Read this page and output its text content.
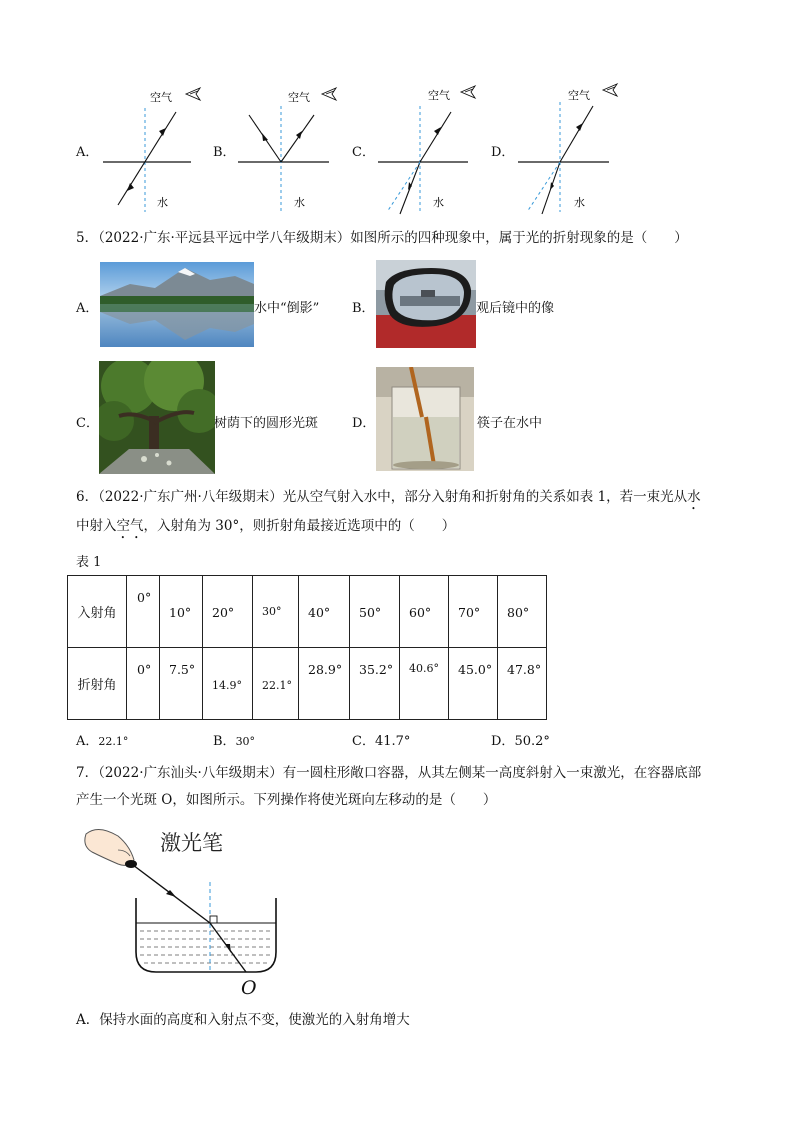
A．
空气
水
B．
空气
水
C．
空气
水
D．
空气
水
5．（2022·广东·平远县平远中学八年级期末）如图所示的四种现象中，属于光的折射现象的是（　　）
A．	水中“倒影”	B．	观后镜中的像
C．	树荫下的圆形光斑	D．	筷子在水中
6．（2022·广东广州·八年级期末）光从空气射入水中，部分入射角和折射角的关系如表 1，若一束光从水
中射入空气，入射角为 30°，则折射角最接近选项中的（　　）
表 1
入射角	0°	10°	20°	30°	40°	50°	60°	70°	80°

折射角	0°	7.5°	14.9°	22.1°	28.9°	35.2°	40.6°	45.0°	47.8°
A．22.1°	B．30°	C．41.7°	D．50.2°
7．（2022·广东汕头·八年级期末）有一圆柱形敞口容器，从其左侧某一高度斜射入一束激光，在容器底部
产生一个光斑 O，如图所示。下列操作将使光斑向左移动的是（　　）
激光笔
O
A．保持水面的高度和入射点不变，使激光的入射角增大
